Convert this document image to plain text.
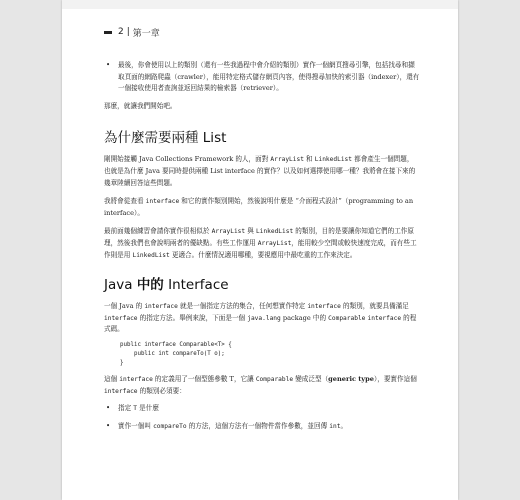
2 | 第一章
• 最後，你會使用以上的類別（還有一些我過程中會介紹的類別）實作一個網頁搜尋引擎，包括找尋和擷取頁面的網路爬蟲（crawler），能用特定格式儲存網頁內容，使得搜尋加快的索引器（indexer），還有一個接收使用者查詢並返回結果的檢索器（retriever）。

那麼，就讓我們開始吧。

為什麼需要兩種 List

剛開始接觸 Java Collections Framework 的人，面對 ArrayList 和 LinkedList 都會產生一個問題，也就是為什麼 Java 要同時提供兩種 List interface 的實作？以及如何選擇使用哪一種？我將會在接下來的幾章陸續回答這些問題。

我將會從查看 interface 和它的實作類別開始，然後說明什麼是 “介面程式設計”（programming to an interface）。

最前面幾個練習會請你實作很相似於 ArrayList 與 LinkedList 的類別，目的是要讓你知道它們的工作原理，然後我們也會說明兩者的優缺點。有些工作運用 ArrayList，能用較少空間或較快速度完成，而有些工作則是用 LinkedList 更適合。什麼情況適用哪種，要視應用中最吃重的工作來決定。

Java 中的 Interface

一個 Java 的 interface 就是一個指定方法的集合，任何想實作特定 interface 的類別，就要具備滿足 interface 的指定方法。舉例來說，下面是一個 java.lang package 中的 Comparable interface 的程式碼。

public interface Comparable<T> {
public int compareTo(T o);
}

這個 interface 的定義用了一個型態參數 T，它讓 Comparable 變成泛型（generic type），要實作這個 interface 的類別必須要：

• 指定 T 是什麼
• 實作一個叫 compareTo 的方法，這個方法有一個物件當作參數，並回傳 int。
